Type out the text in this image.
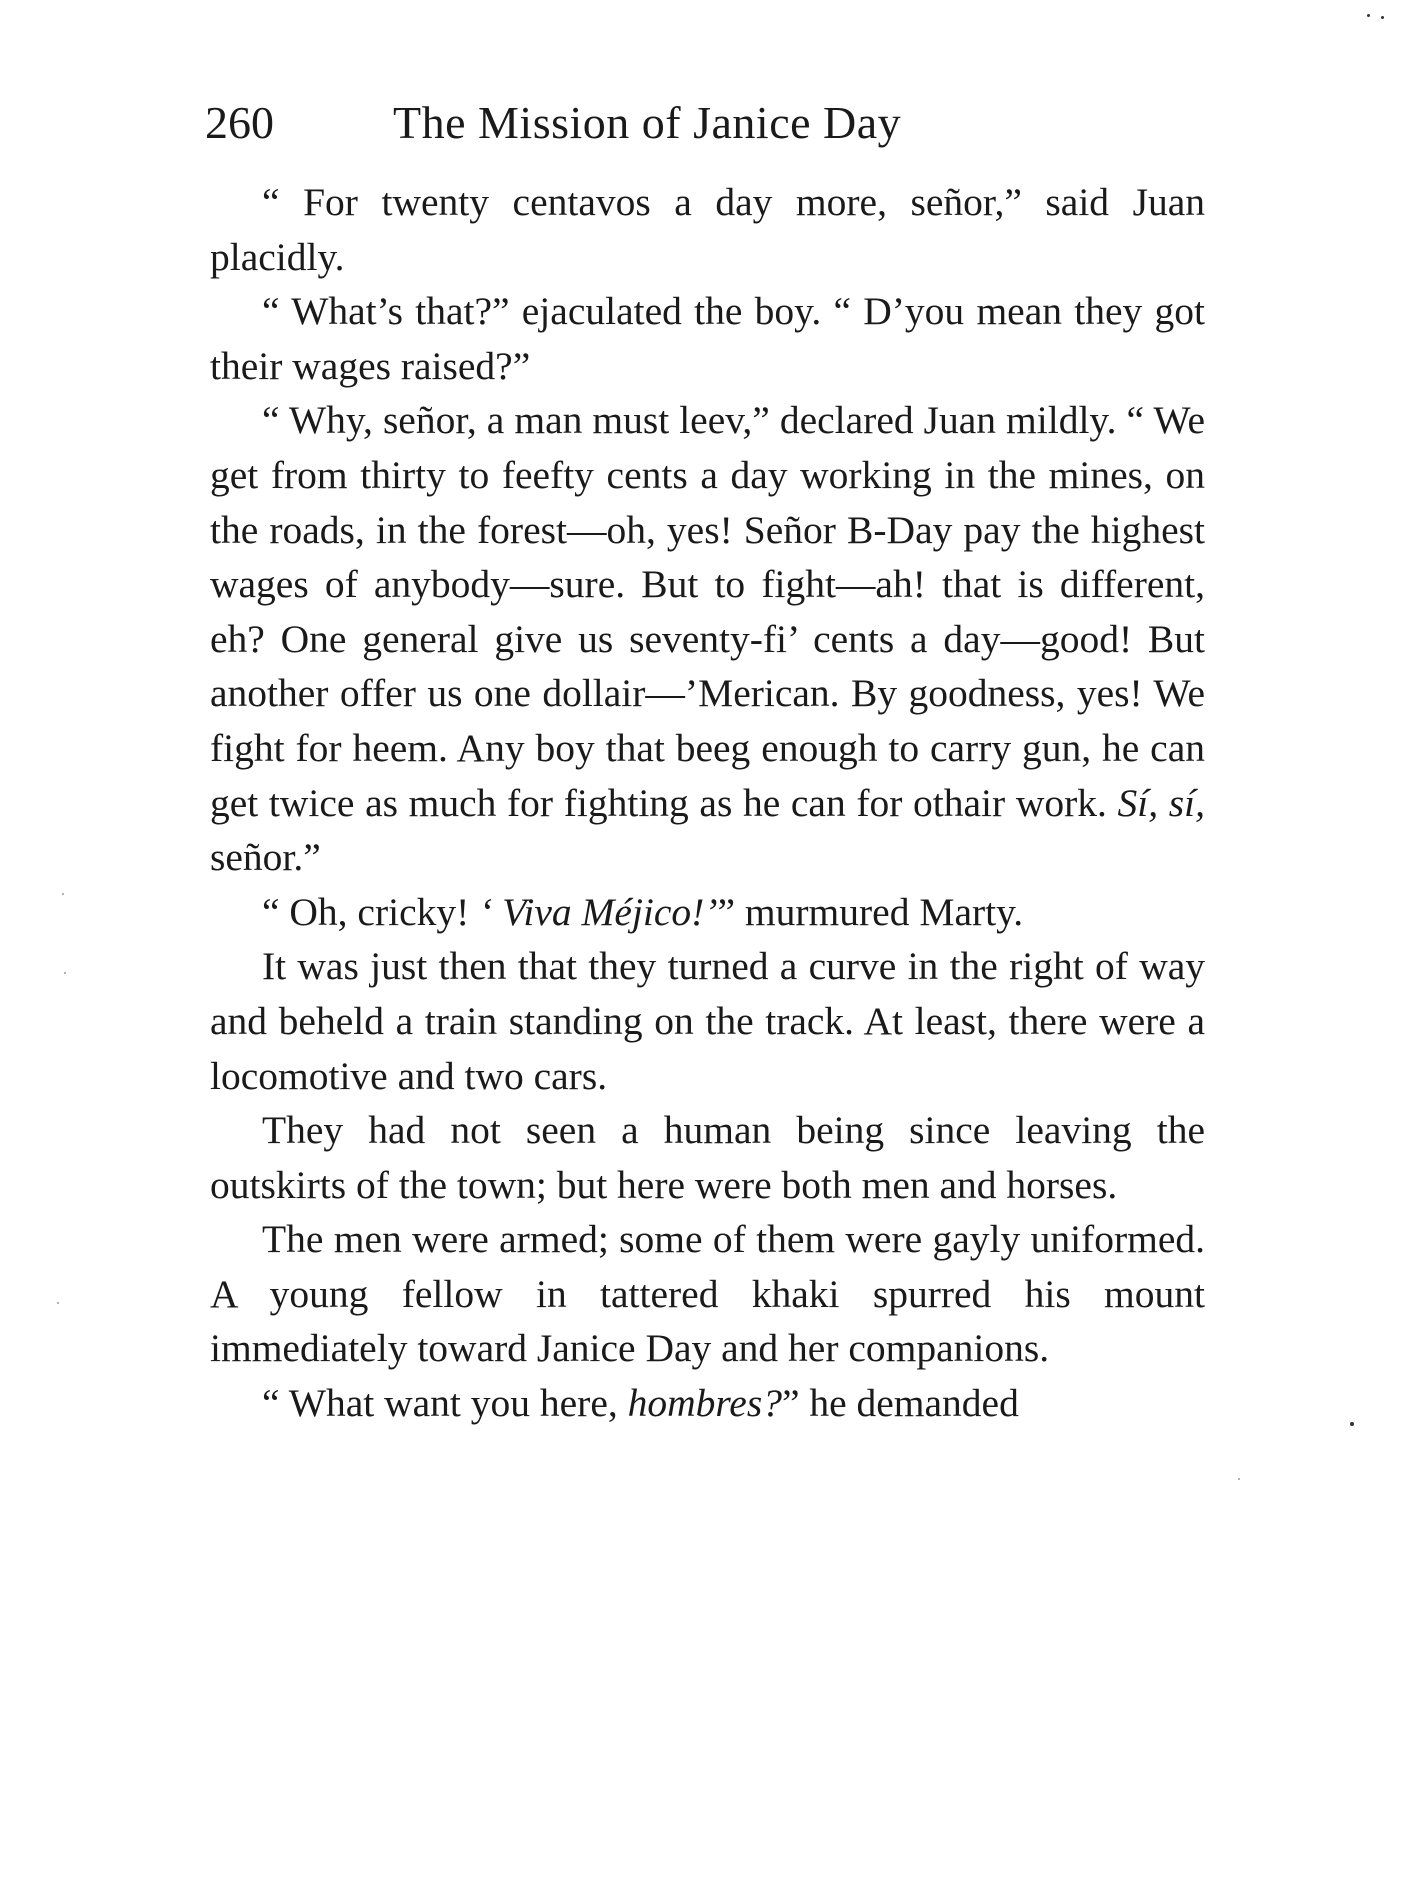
260	The Mission of Janice Day

“ For twenty centavos a day more, señor,” said Juan placidly.

“ What’s that?” ejaculated the boy. “ D’you mean they got their wages raised?”

“ Why, señor, a man must leev,” declared Juan mildly. “ We get from thirty to feefty cents a day working in the mines, on the roads, in the forest—oh, yes! Señor B-Day pay the highest wages of anybody—sure. But to fight—ah! that is different, eh? One general give us seventy-fi’ cents a day—good! But another offer us one dollair—’Merican. By goodness, yes! We fight for heem. Any boy that beeg enough to carry gun, he can get twice as much for fighting as he can for othair work. Sí, sí, señor.”

“ Oh, cricky! ‘ Viva Méjico!’” murmured Marty.

It was just then that they turned a curve in the right of way and beheld a train standing on the track. At least, there were a locomotive and two cars.

They had not seen a human being since leaving the outskirts of the town; but here were both men and horses.

The men were armed; some of them were gayly uniformed. A young fellow in tattered khaki spurred his mount immediately toward Janice Day and her companions.

“ What want you here, hombres?” he demanded
